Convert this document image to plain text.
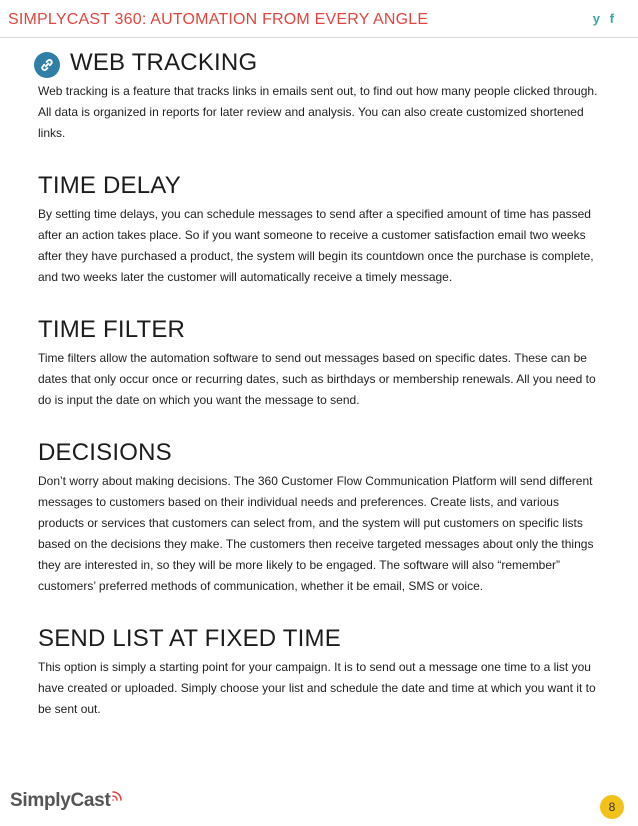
SIMPLYCAST 360: AUTOMATION FROM EVERY ANGLE	y f
WEB TRACKING

Web tracking is a feature that tracks links in emails sent out, to find out how many people clicked through. All data is organized in reports for later review and analysis. You can also create customized shortened links.

TIME DELAY

By setting time delays, you can schedule messages to send after a specified amount of time has passed after an action takes place. So if you want someone to receive a customer satisfaction email two weeks after they have purchased a product, the system will begin its countdown once the purchase is complete, and two weeks later the customer will automatically receive a timely message.

TIME FILTER

Time filters allow the automation software to send out messages based on specific dates. These can be dates that only occur once or recurring dates, such as birthdays or membership renewals. All you need to do is input the date on which you want the message to send.

DECISIONS

Don’t worry about making decisions. The 360 Customer Flow Communication Platform will send different messages to customers based on their individual needs and preferences. Create lists, and various products or services that customers can select from, and the system will put customers on specific lists based on the decisions they make. The customers then receive targeted messages about only the things they are interested in, so they will be more likely to be engaged. The software will also “remember” customers’ preferred methods of communication, whether it be email, SMS or voice.

SEND LIST AT FIXED TIME

This option is simply a starting point for your campaign. It is to send out a message one time to a list you have created or uploaded. Simply choose your list and schedule the date and time at which you want it to be sent out.

SimplyCast	8
